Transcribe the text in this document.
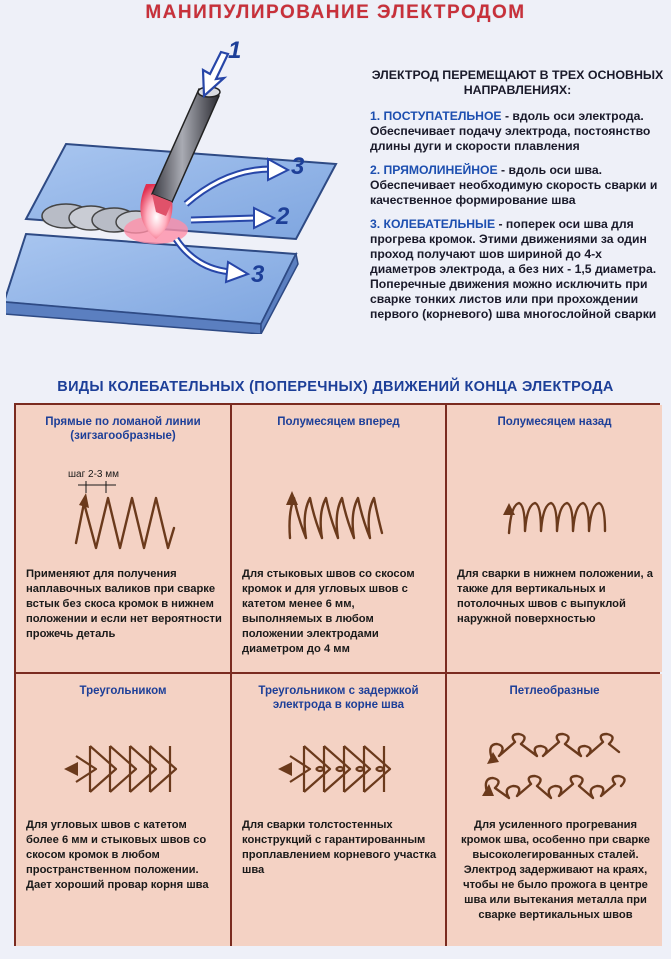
МАНИПУЛИРОВАНИЕ ЭЛЕКТРОДОМ
1
3
2
3
ЭЛЕКТРОД ПЕРЕМЕЩАЮТ В ТРЕХ ОСНОВНЫХ НАПРАВЛЕНИЯХ:
1. ПОСТУПАТЕЛЬНОЕ - вдоль оси электрода. Обеспечивает подачу электрода, постоянство длины дуги и скорости плавления
2. ПРЯМОЛИНЕЙНОЕ - вдоль оси шва. Обеспечивает необходимую скорость сварки и качественное формирование шва
3. КОЛЕБАТЕЛЬНЫЕ - поперек оси шва для прогрева кромок. Этими движениями за один проход получают шов шириной до 4-х диаметров электрода, а без них - 1,5 диаметра. Поперечные движения можно исключить при сварке тонких листов или при прохождении первого (корневого) шва многослойной сварки
ВИДЫ КОЛЕБАТЕЛЬНЫХ (ПОПЕРЕЧНЫХ) ДВИЖЕНИЙ КОНЦА ЭЛЕКТРОДА
Прямые по ломаной линии (зигзагообразные)
шаг 2-3 мм
Применяют для получения наплавочных валиков при сварке встык без скоса кромок в нижнем положении и если нет вероятности прожечь деталь
Полумесяцем вперед
Для стыковых швов со скосом кромок и для угловых швов с катетом менее 6 мм, выполняемых в любом положении электродами диаметром до 4 мм
Полумесяцем назад
Для сварки в нижнем положении, а также для вертикальных и потолочных швов с выпуклой наружной поверхностью
Треугольником
Для угловых швов с катетом более 6 мм и стыковых швов со скосом кромок в любом пространственном положении. Дает хороший провар корня шва
Треугольником с задержкой электрода в корне шва
Для сварки толстостенных конструкций с гарантированным проплавлением корневого участка шва
Петлеобразные
Для усиленного прогревания кромок шва, особенно при сварке высоколегированных сталей. Электрод задерживают на краях, чтобы не было прожога в центре шва или вытекания металла при сварке вертикальных швов
